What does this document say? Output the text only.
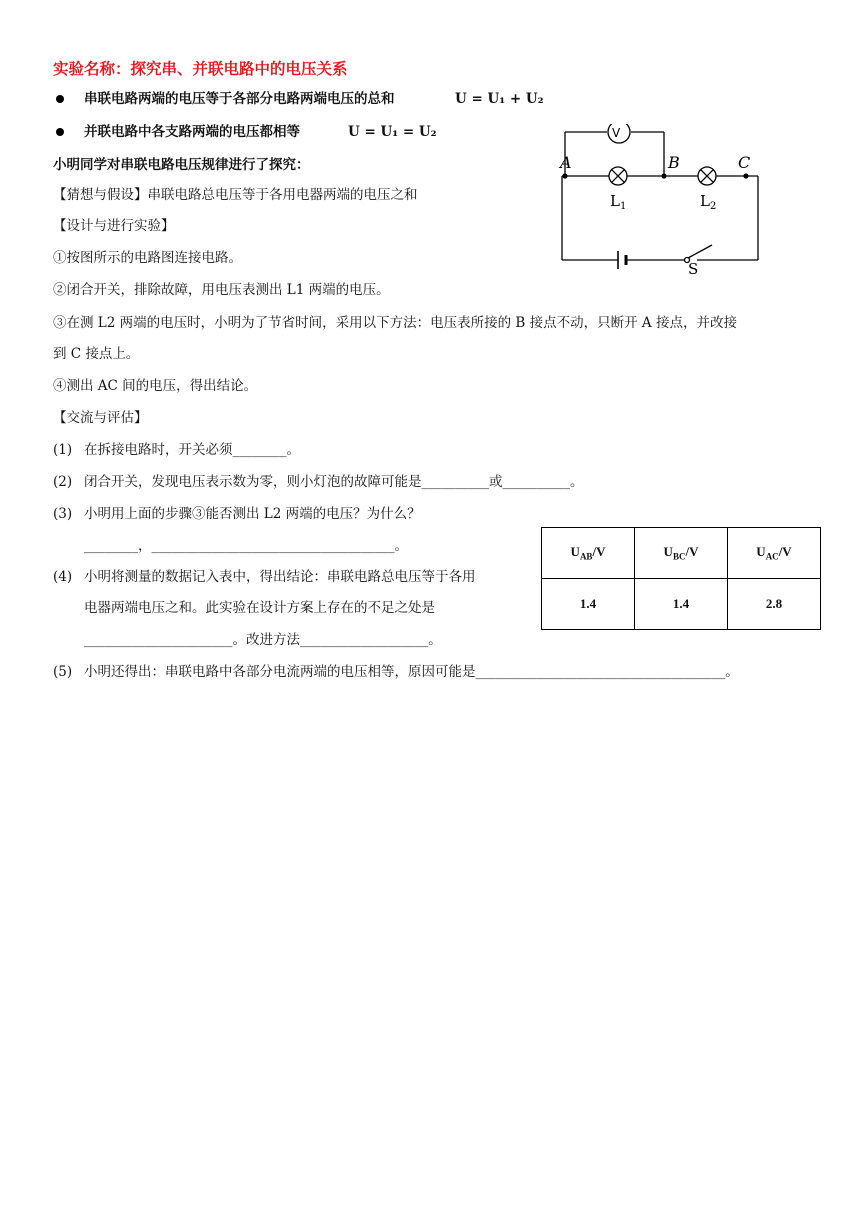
实验名称：探究串、并联电路中的电压关系
串联电路两端的电压等于各部分电路两端电压的总和	U = U₁ + U₂
并联电路中各支路两端的电压都相等	U = U₁ = U₂
小明同学对串联电路电压规律进行了探究：
【猜想与假设】串联电路总电压等于各用电器两端的电压之和
【设计与进行实验】
①按图所示的电路图连接电路。
②闭合开关，排除故障，用电压表测出 L1 两端的电压。
③在测 L2 两端的电压时，小明为了节省时间，采用以下方法：电压表所接的 B 接点不动，只断开 A 接点，并改接
到 C 接点上。
④测出 AC 间的电压，得出结论。
【交流与评估】
(1) 在拆接电路时，开关必须________。
(2) 闭合开关，发现电压表示数为零，则小灯泡的故障可能是__________或__________。
(3) 小明用上面的步骤③能否测出 L2 两端的电压？为什么？
________，____________________________________。
(4) 小明将测量的数据记入表中，得出结论：串联电路总电压等于各用
电器两端电压之和。此实验在设计方案上存在的不足之处是
______________________。改进方法___________________。
(5) 小明还得出：串联电路中各部分电流两端的电压相等，原因可能是_____________________________________。
$U_{AB}/V$	$U_{BC}/V$	$U_{AC}/V$
1.4	1.4	2.8
V
A	B	C
$L_1$	$L_2$
S
